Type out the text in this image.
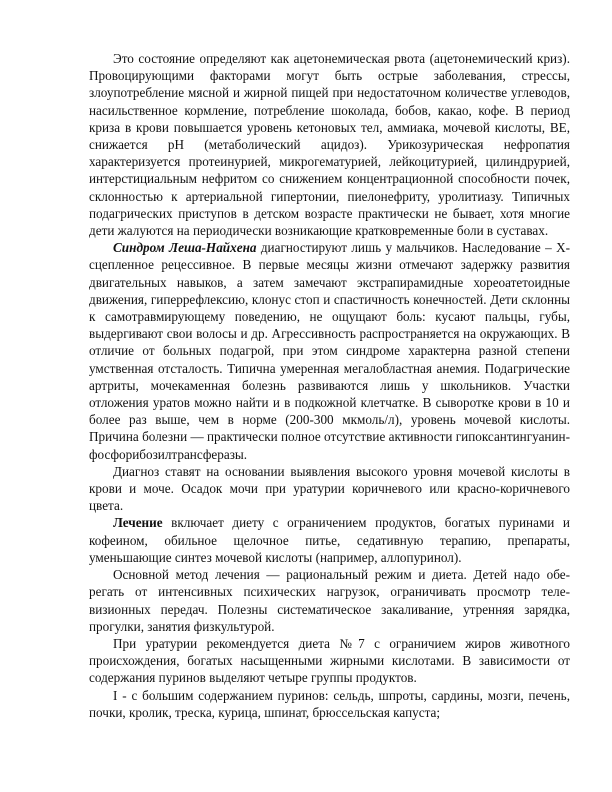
Это состояние определяют как ацетонемическая рвота (ацетонемический криз). Провоцирующими факторами могут быть острые заболевания, стрессы, злоупотребление мясной и жирной пищей при недостаточном количестве углеводов, насильственное кормление, потребление шоколада, бобов, какао, кофе. В период криза в крови повышается уровень кетоновых тел, аммиака, мочевой кислоты, BE, снижается pH (метаболический ацидоз). Урикозурическая нефропатия характеризуется протеинурией, микрогематурией, лейкоцитурией, цилиндрурией, интерстициальным нефритом со снижением концентрационной способности почек, склонностью к артериальной гипертонии, пиелонефриту, уролитиазу. Типичных подагрических приступов в детском возрасте практически не бывает, хотя многие дети жалуются на периодически возникающие кратковременные боли в суставах.

Синдром Леша-Найхена диагностируют лишь у мальчиков. Наследование – Х-сцепленное рецессивное. В первые месяцы жизни отмечают задержку развития двигательных навыков, а затем замечают экстрапирамидные хореоатетоидные движения, гиперрефлексию, клонус стоп и спастичность конечностей. Дети склонны к самотравмирующему поведению, не ощущают боль: кусают пальцы, губы, выдергивают свои волосы и др. Агрессивность распространяется на окружающих. В отличие от больных подагрой, при этом синдроме характерна разной степени умственная отсталость. Типична умеренная мегалобластная анемия. Подагрические артриты, мочекаменная болезнь развиваются лишь у школьников. Участки отложения уратов можно найти и в подкожной клетчатке. В сыворотке крови в 10 и более раз выше, чем в норме (200-300 мкмоль/л), уровень мочевой кислоты. Причина болезни — практически полное отсутствие активности гипоксантингуанин-фосфорибозилтрансферазы.

Диагноз ставят на основании выявления высокого уровня мочевой кислоты в крови и моче. Осадок мочи при уратурии коричневого или красно-коричневого цвета.

Лечение включает диету с ограничением продуктов, богатых пуринами и кофеином, обильное щелочное питье, седативную терапию, препараты, уменьшающие синтез мочевой кислоты (например, аллопуринол).

Основной метод лечения — рациональный режим и диета. Детей надо обе-регать от интенсивных психических нагрузок, ограничивать просмотр теле-визионных передач. Полезны систематическое закаливание, утренняя зарядка, прогулки, занятия физкультурой.

При уратурии рекомендуется диета №7 с ограничием жиров животного происхождения, богатых насыщенными жирными кислотами. В зависимости от содержания пуринов выделяют четыре группы продуктов.

I - с большим содержанием пуринов: сельдь, шпроты, сардины, мозги, печень, почки, кролик, треска, курица, шпинат, брюссельская капуста;
